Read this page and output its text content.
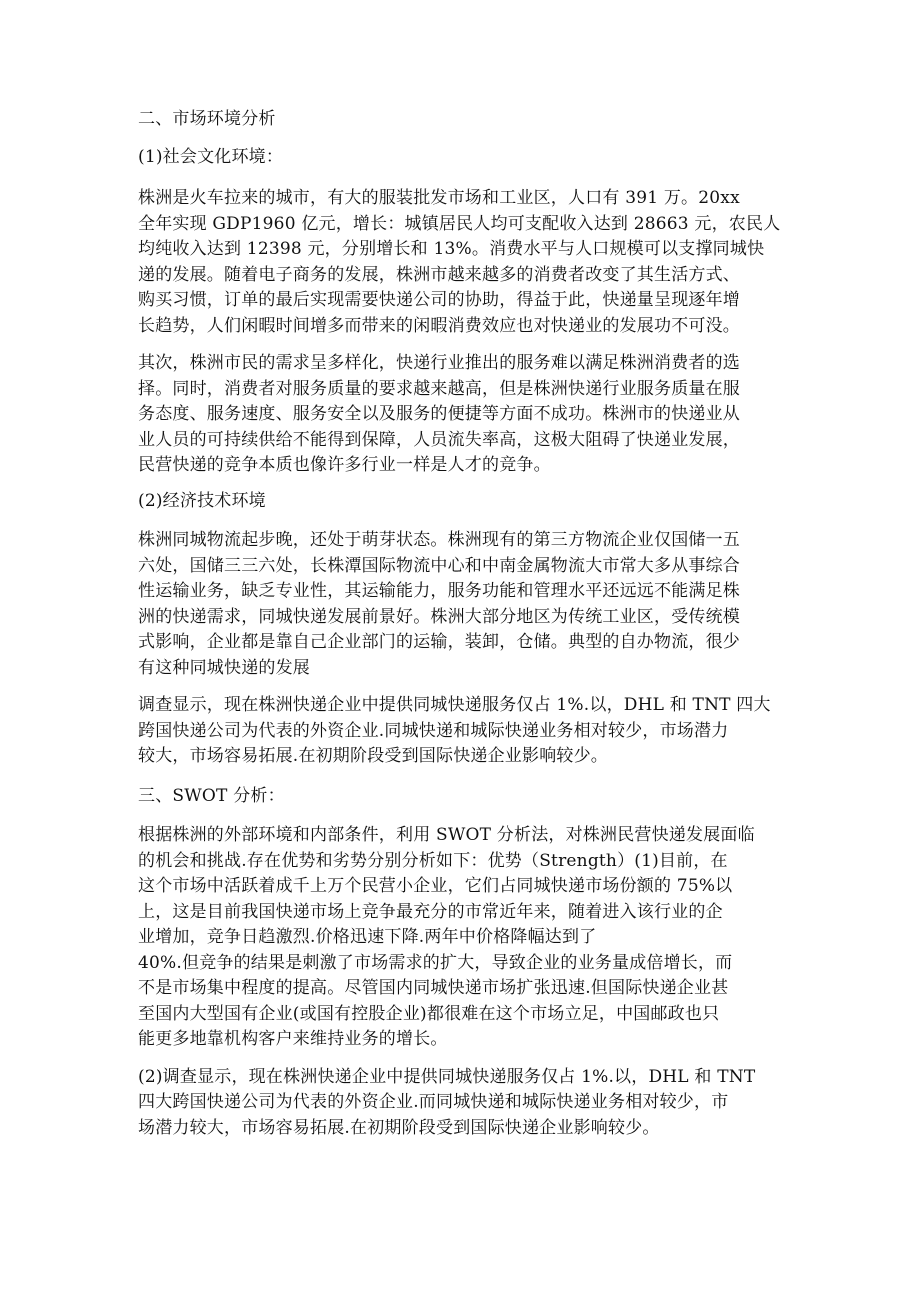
二、市场环境分析
(1)社会文化环境：
株洲是火车拉来的城市，有大的服装批发市场和工业区，人口有 391 万。20xx
全年实现 GDP1960 亿元，增长：城镇居民人均可支配收入达到 28663 元，农民人
均纯收入达到 12398 元，分别增长和 13%。消费水平与人口规模可以支撑同城快
递的发展。随着电子商务的发展，株洲市越来越多的消费者改变了其生活方式、
购买习惯，订单的最后实现需要快递公司的协助，得益于此，快递量呈现逐年增
长趋势，人们闲暇时间增多而带来的闲暇消费效应也对快递业的发展功不可没。
其次，株洲市民的需求呈多样化，快递行业推出的服务难以满足株洲消费者的选
择。同时，消费者对服务质量的要求越来越高，但是株洲快递行业服务质量在服
务态度、服务速度、服务安全以及服务的便捷等方面不成功。株洲市的快递业从
业人员的可持续供给不能得到保障，人员流失率高，这极大阻碍了快递业发展，
民营快递的竞争本质也像许多行业一样是人才的竞争。
(2)经济技术环境
株洲同城物流起步晚，还处于萌芽状态。株洲现有的第三方物流企业仅国储一五
六处，国储三三六处，长株潭国际物流中心和中南金属物流大市常大多从事综合
性运输业务，缺乏专业性，其运输能力，服务功能和管理水平还远远不能满足株
洲的快递需求，同城快递发展前景好。株洲大部分地区为传统工业区，受传统模
式影响，企业都是靠自己企业部门的运输，装卸，仓储。典型的自办物流，很少
有这种同城快递的发展
调查显示，现在株洲快递企业中提供同城快递服务仅占 1%.以，DHL 和 TNT 四大
跨国快递公司为代表的外资企业.同城快递和城际快递业务相对较少，市场潜力
较大，市场容易拓展.在初期阶段受到国际快递企业影响较少。
三、SWOT 分析：
根据株洲的外部环境和内部条件，利用 SWOT 分析法，对株洲民营快递发展面临
的机会和挑战.存在优势和劣势分别分析如下：优势（Strength）(1)目前，在
这个市场中活跃着成千上万个民营小企业，它们占同城快递市场份额的 75%以
上，这是目前我国快递市场上竞争最充分的市常近年来，随着进入该行业的企
业增加，竞争日趋激烈.价格迅速下降.两年中价格降幅达到了
40%.但竞争的结果是刺激了市场需求的扩大，导致企业的业务量成倍增长，而
不是市场集中程度的提高。尽管国内同城快递市场扩张迅速.但国际快递企业甚
至国内大型国有企业(或国有控股企业)都很难在这个市场立足，中国邮政也只
能更多地靠机构客户来维持业务的增长。
(2)调查显示，现在株洲快递企业中提供同城快递服务仅占 1%.以，DHL 和 TNT
四大跨国快递公司为代表的外资企业.而同城快递和城际快递业务相对较少，市
场潜力较大，市场容易拓展.在初期阶段受到国际快递企业影响较少。
